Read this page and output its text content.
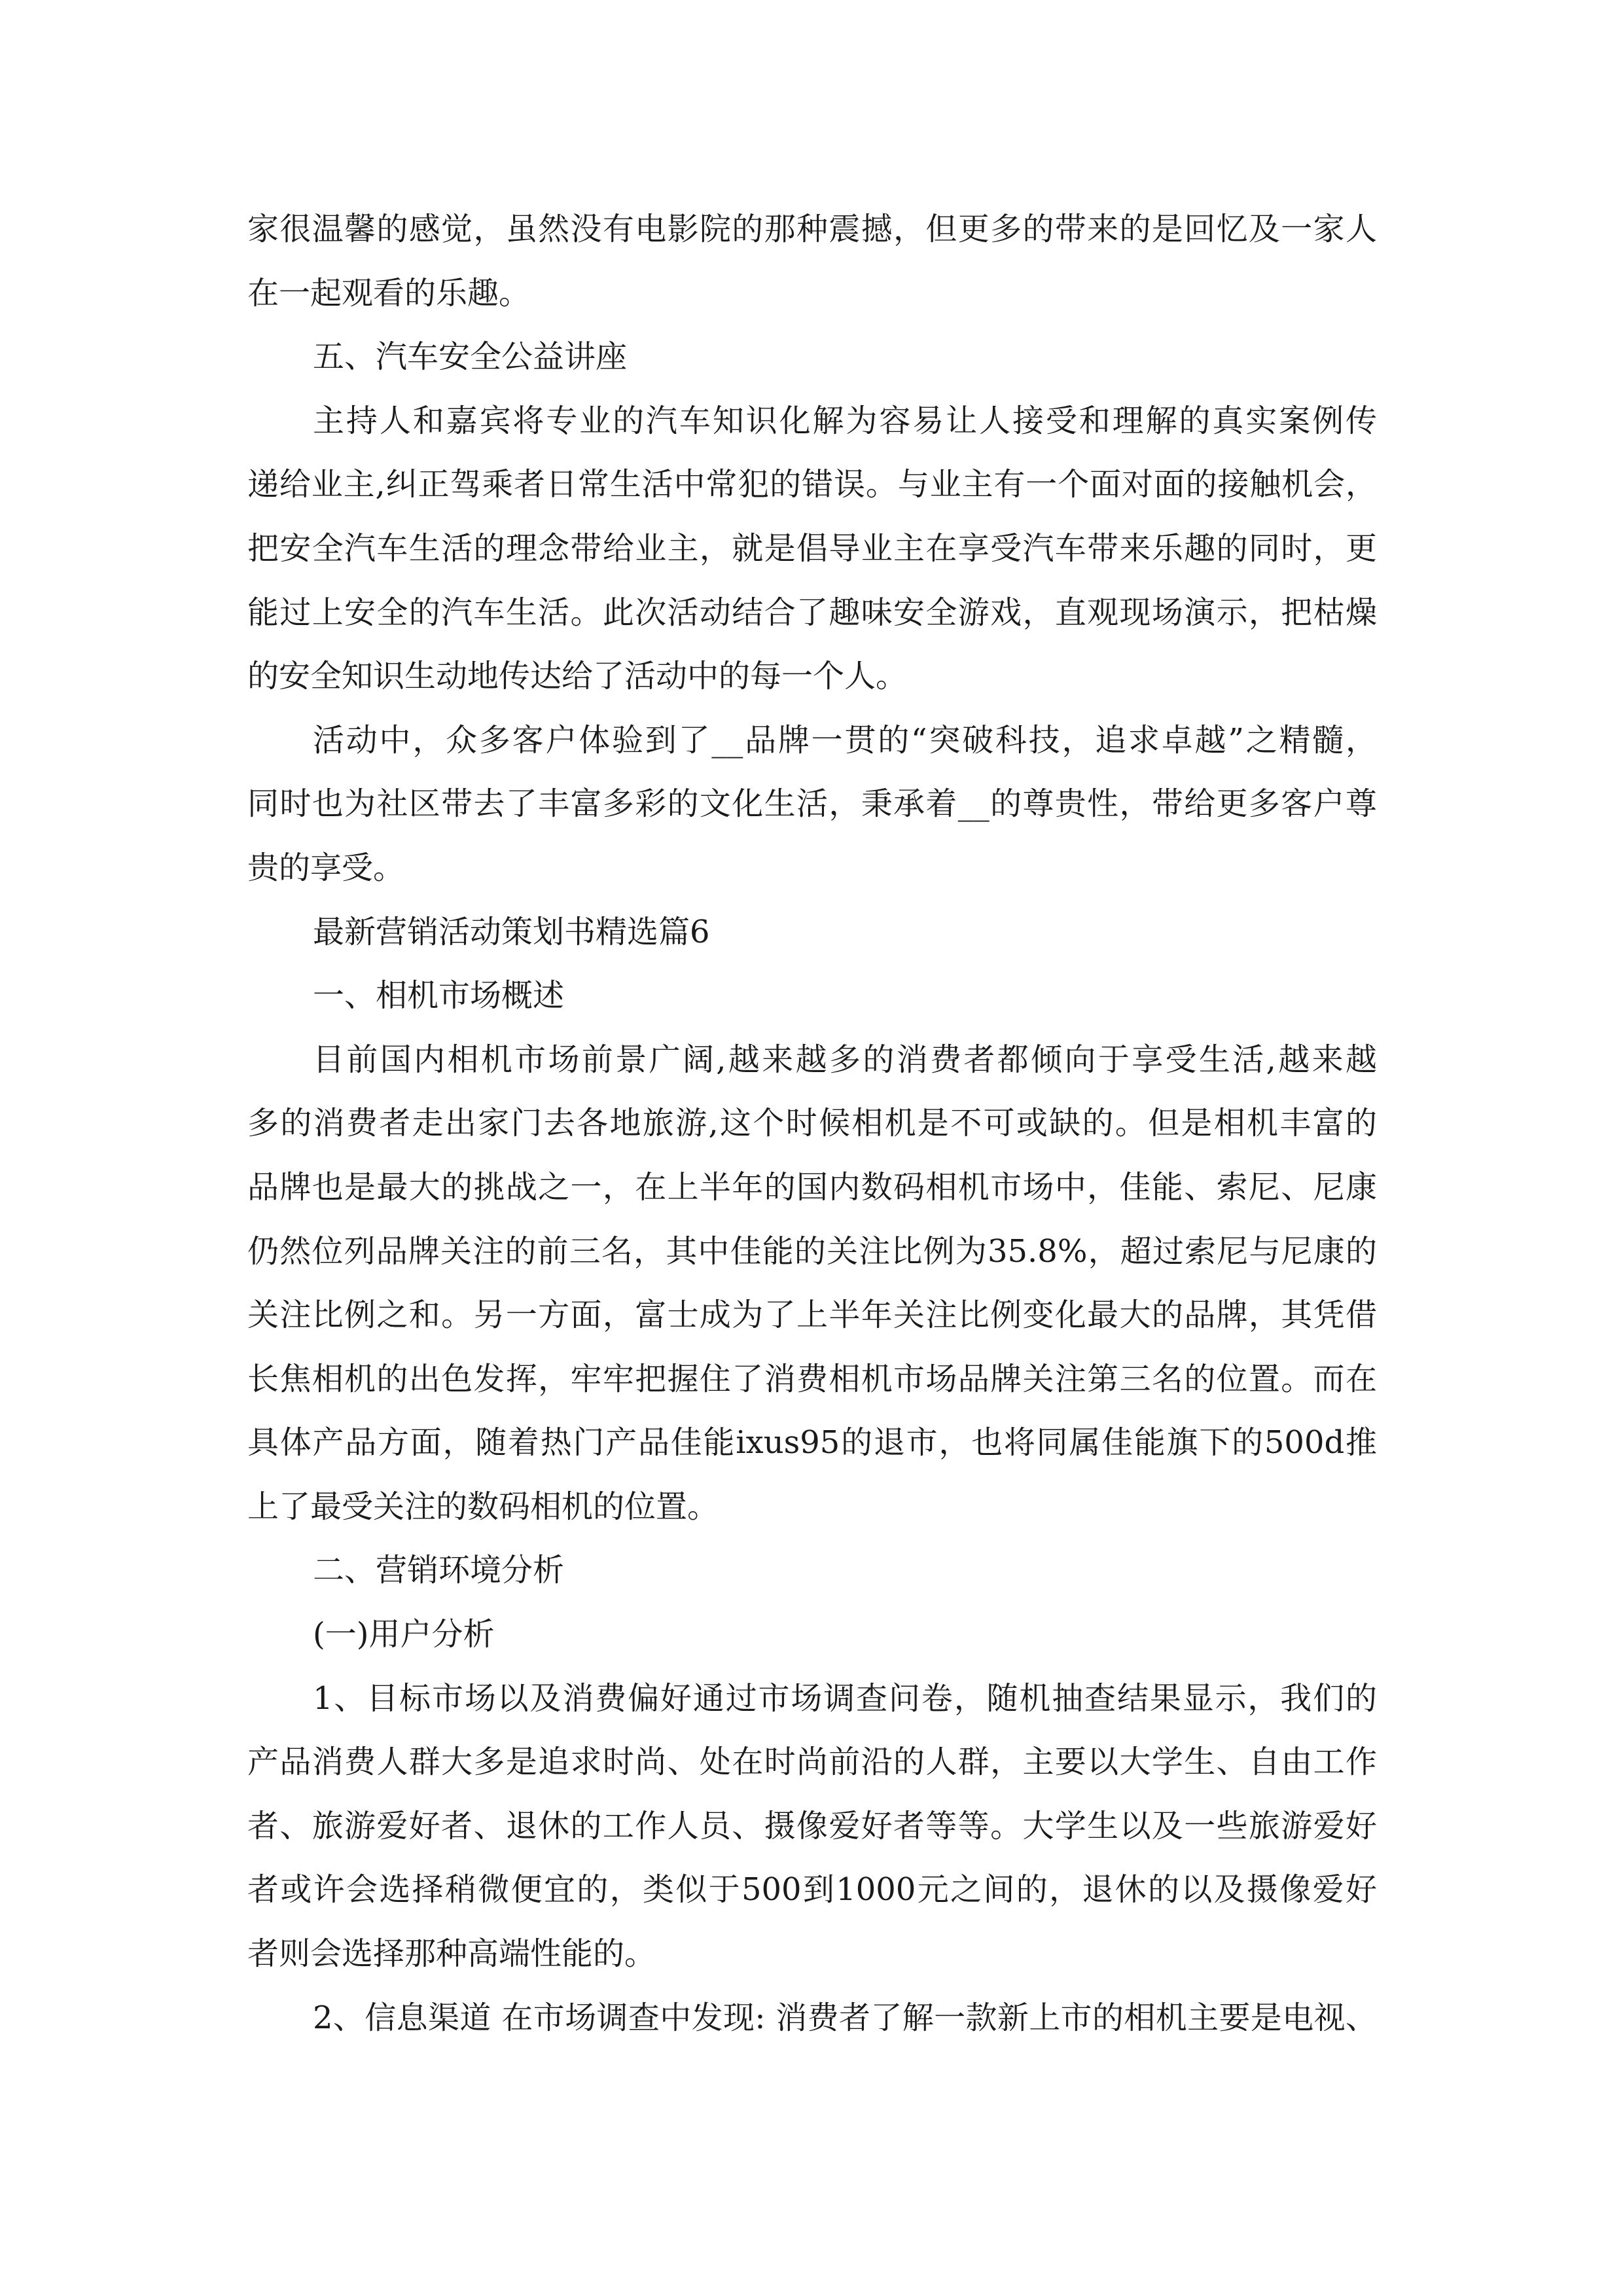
家很温馨的感觉，虽然没有电影院的那种震撼，但更多的带来的是回忆及一家人
在一起观看的乐趣。
五、汽车安全公益讲座
主持人和嘉宾将专业的汽车知识化解为容易让人接受和理解的真实案例传
递给业主,纠正驾乘者日常生活中常犯的错误。与业主有一个面对面的接触机会，
把安全汽车生活的理念带给业主，就是倡导业主在享受汽车带来乐趣的同时，更
能过上安全的汽车生活。此次活动结合了趣味安全游戏，直观现场演示，把枯燥
的安全知识生动地传达给了活动中的每一个人。
活动中，众多客户体验到了__品牌一贯的“突破科技，追求卓越”之精髓，
同时也为社区带去了丰富多彩的文化生活，秉承着__的尊贵性，带给更多客户尊
贵的享受。
最新营销活动策划书精选篇6
一、相机市场概述
目前国内相机市场前景广阔,越来越多的消费者都倾向于享受生活,越来越
多的消费者走出家门去各地旅游,这个时候相机是不可或缺的。但是相机丰富的
品牌也是最大的挑战之一，在上半年的国内数码相机市场中，佳能、索尼、尼康
仍然位列品牌关注的前三名，其中佳能的关注比例为35.8%，超过索尼与尼康的
关注比例之和。另一方面，富士成为了上半年关注比例变化最大的品牌，其凭借
长焦相机的出色发挥，牢牢把握住了消费相机市场品牌关注第三名的位置。而在
具体产品方面，随着热门产品佳能ixus95的退市，也将同属佳能旗下的500d推
上了最受关注的数码相机的位置。
二、营销环境分析
(一)用户分析
1、目标市场以及消费偏好通过市场调查问卷，随机抽查结果显示，我们的
产品消费人群大多是追求时尚、处在时尚前沿的人群，主要以大学生、自由工作
者、旅游爱好者、退休的工作人员、摄像爱好者等等。大学生以及一些旅游爱好
者或许会选择稍微便宜的，类似于500到1000元之间的，退休的以及摄像爱好
者则会选择那种高端性能的。
2、信息渠道 在市场调查中发现: 消费者了解一款新上市的相机主要是电视、
